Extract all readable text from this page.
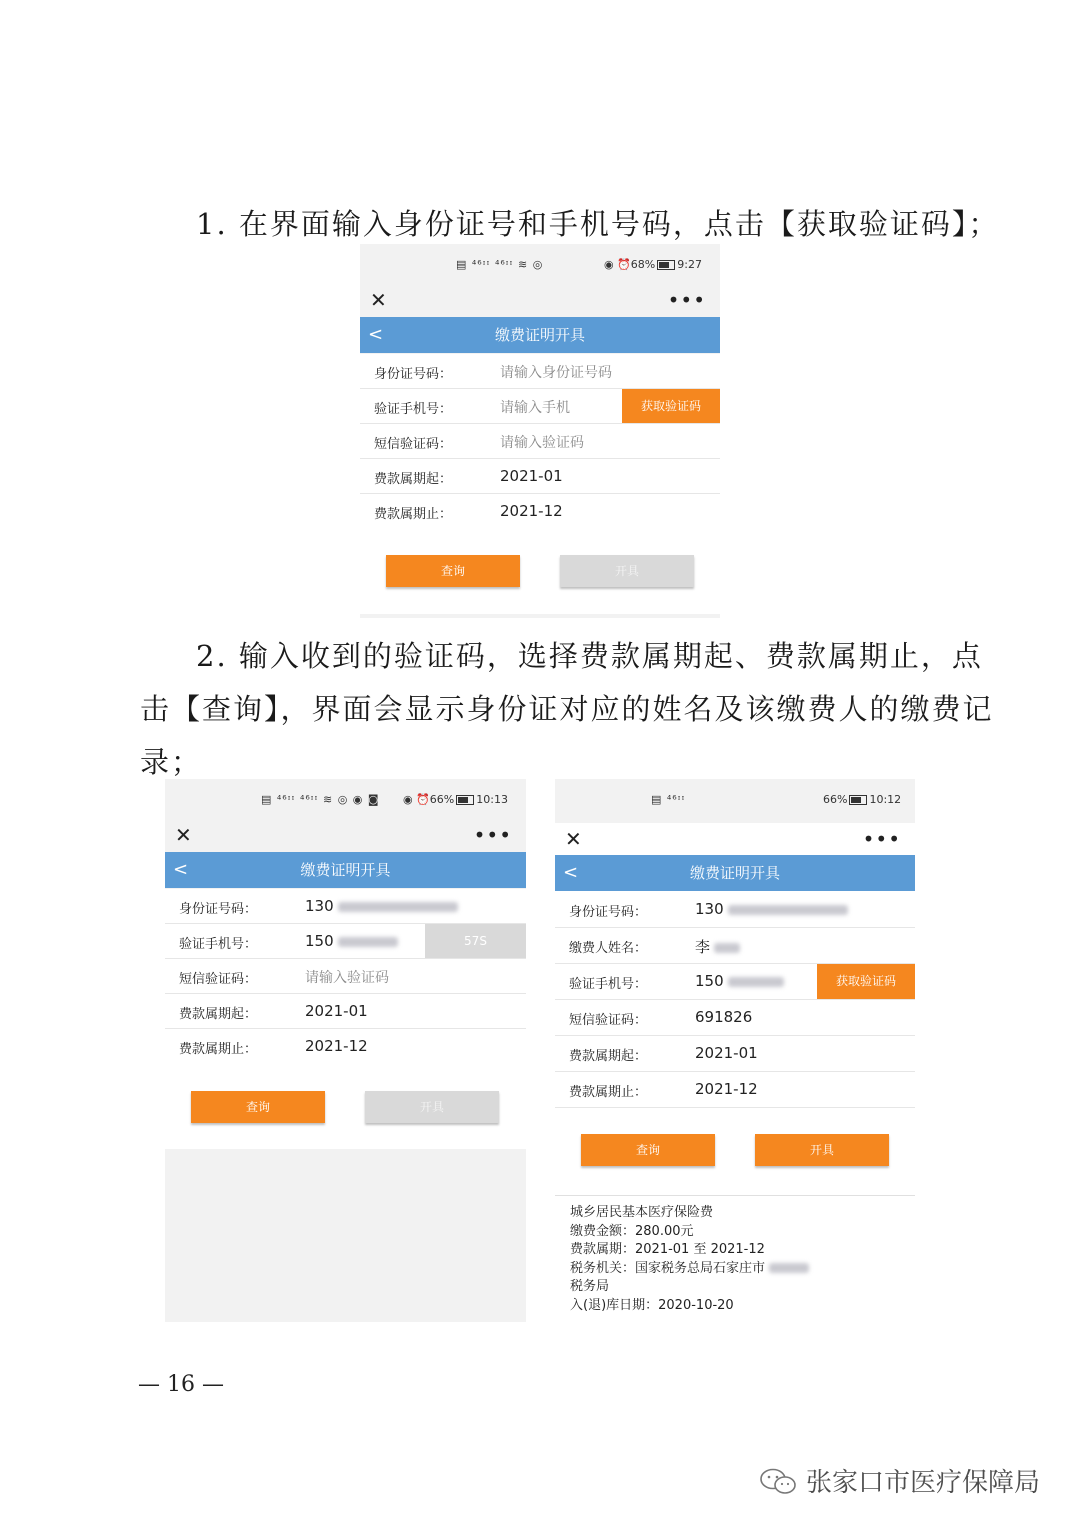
1. 在界面输入身份证号和手机号码，点击【获取验证码】；
▤ ⁴⁶ᶦᶦ ⁴⁶ᶦᶦ ≋ ◎	◉ ⏰68% 9:27
✕	•••
<	缴费证明开具
身份证号码：	请输入身份证号码
验证手机号：	请输入手机	获取验证码
短信验证码：	请输入验证码
费款属期起：	2021-01
费款属期止：	2021-12
查询	开具
2. 输入收到的验证码，选择费款属期起、费款属期止，点
击【查询】，界面会显示身份证对应的姓名及该缴费人的缴费记
录；
▤ ⁴⁶ᶦᶦ ⁴⁶ᶦᶦ ≋ ◎ ◉ ◙ ◉ ⏰66% 10:13
✕	•••
<	缴费证明开具
身份证号码：	130
验证手机号：	150	57S
短信验证码：	请输入验证码
费款属期起：	2021-01
费款属期止：	2021-12
查询	开具
▤ ⁴⁶ᶦᶦ	66% 10:12
✕	•••
<	缴费证明开具
身份证号码：	130
缴费人姓名：	李
验证手机号：	150	获取验证码
短信验证码：	691826
费款属期起：	2021-01
费款属期止：	2021-12
查询	开具
城乡居民基本医疗保险费
缴费金额：280.00元
费款属期：2021-01 至 2021-12
税务机关：国家税务总局石家庄市
税务局
入(退)库日期：2020-10-20
— 16 —
张家口市医疗保障局
